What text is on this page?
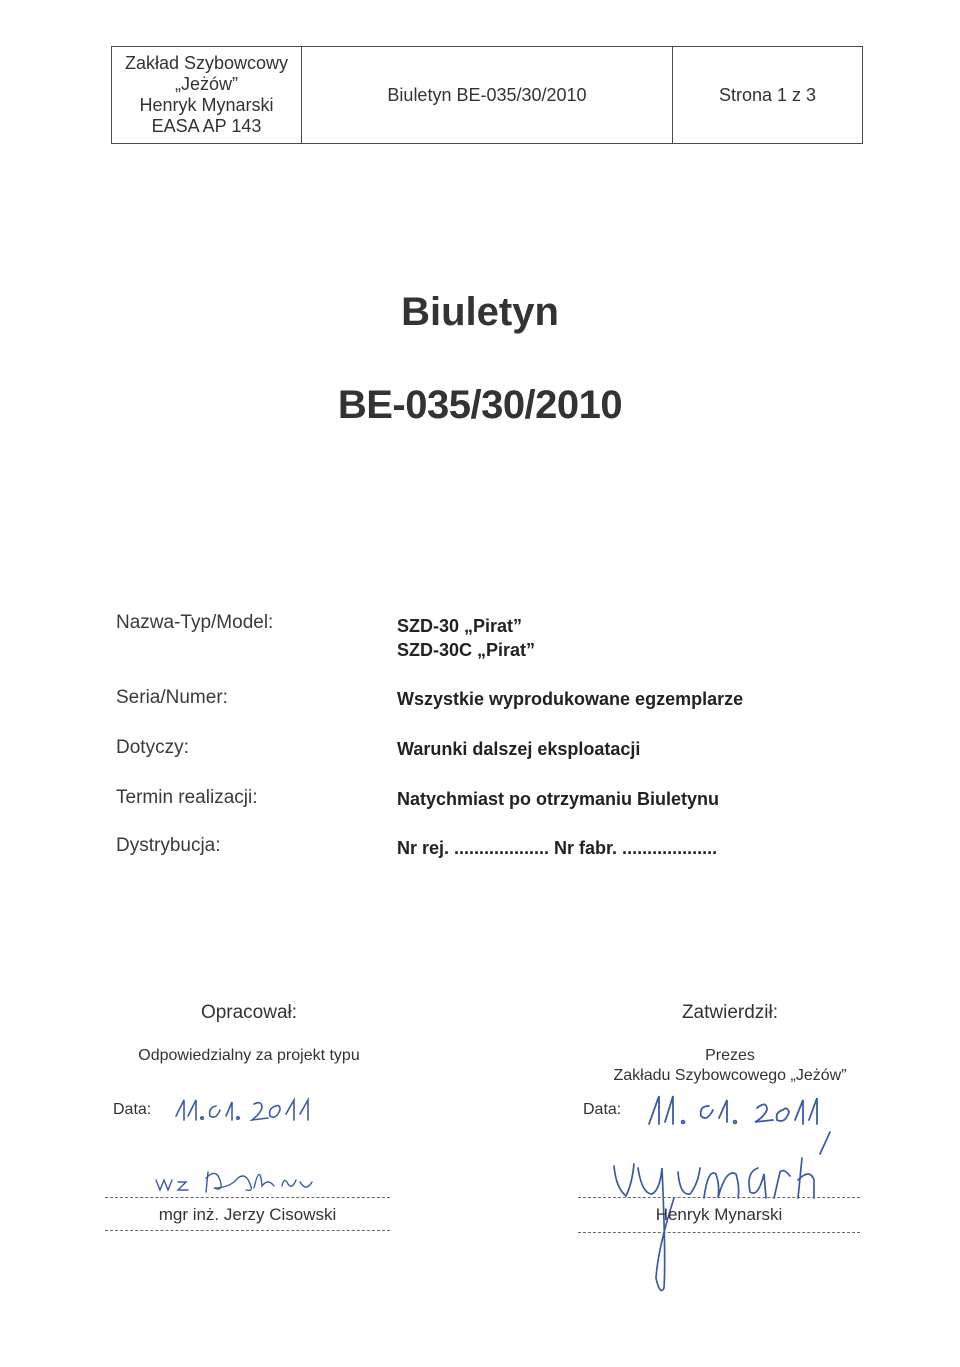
Zakład Szybowcowy
„Jeżów”
Henryk Mynarski
EASA AP 143
Biuletyn BE-035/30/2010	Strona 1 z 3
Biuletyn
BE-035/30/2010
Nazwa-Typ/Model:	SZD-30 „Pirat”
SZD-30C „Pirat”
Seria/Numer:	Wszystkie wyprodukowane egzemplarze
Dotyczy:	Warunki dalszej eksploatacji
Termin realizacji:	Natychmiast po otrzymaniu Biuletynu
Dystrybucja:	Nr rej. ................... Nr fabr. ...................
Opracował:
Odpowiedzialny za projekt typu
Data:
mgr inż. Jerzy Cisowski
Zatwierdził:
Prezes
Zakładu Szybowcowego „Jeżów”
Data:
Henryk Mynarski
